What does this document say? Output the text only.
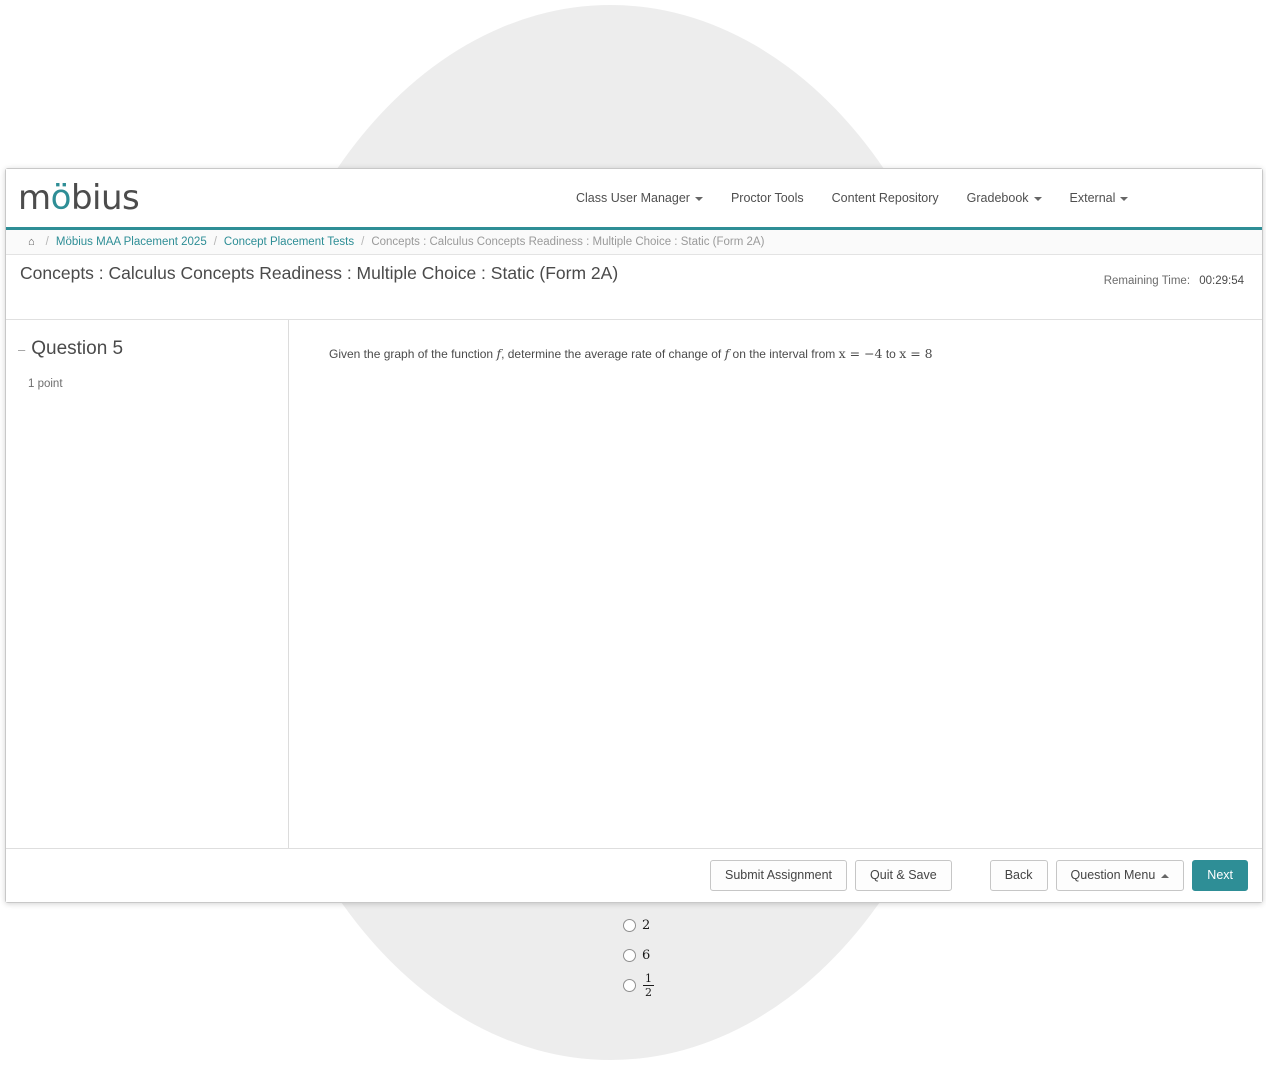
möbius	Class User Manager	Proctor Tools	Content Repository	Gradebook	External
⌂ / Möbius MAA Placement 2025 / Concept Placement Tests / Concepts : Calculus Concepts Readiness : Multiple Choice : Static (Form 2A)
Concepts : Calculus Concepts Readiness : Multiple Choice : Static (Form 2A)	Remaining Time: 00:29:54
– Question 5
1 point
Given the graph of the function f, determine the average rate of change of f on the interval from x = −4 to x = 8
2
6
$\frac{1}{2}$
Submit Assignment	Quit & Save	Back	Question Menu	Next
